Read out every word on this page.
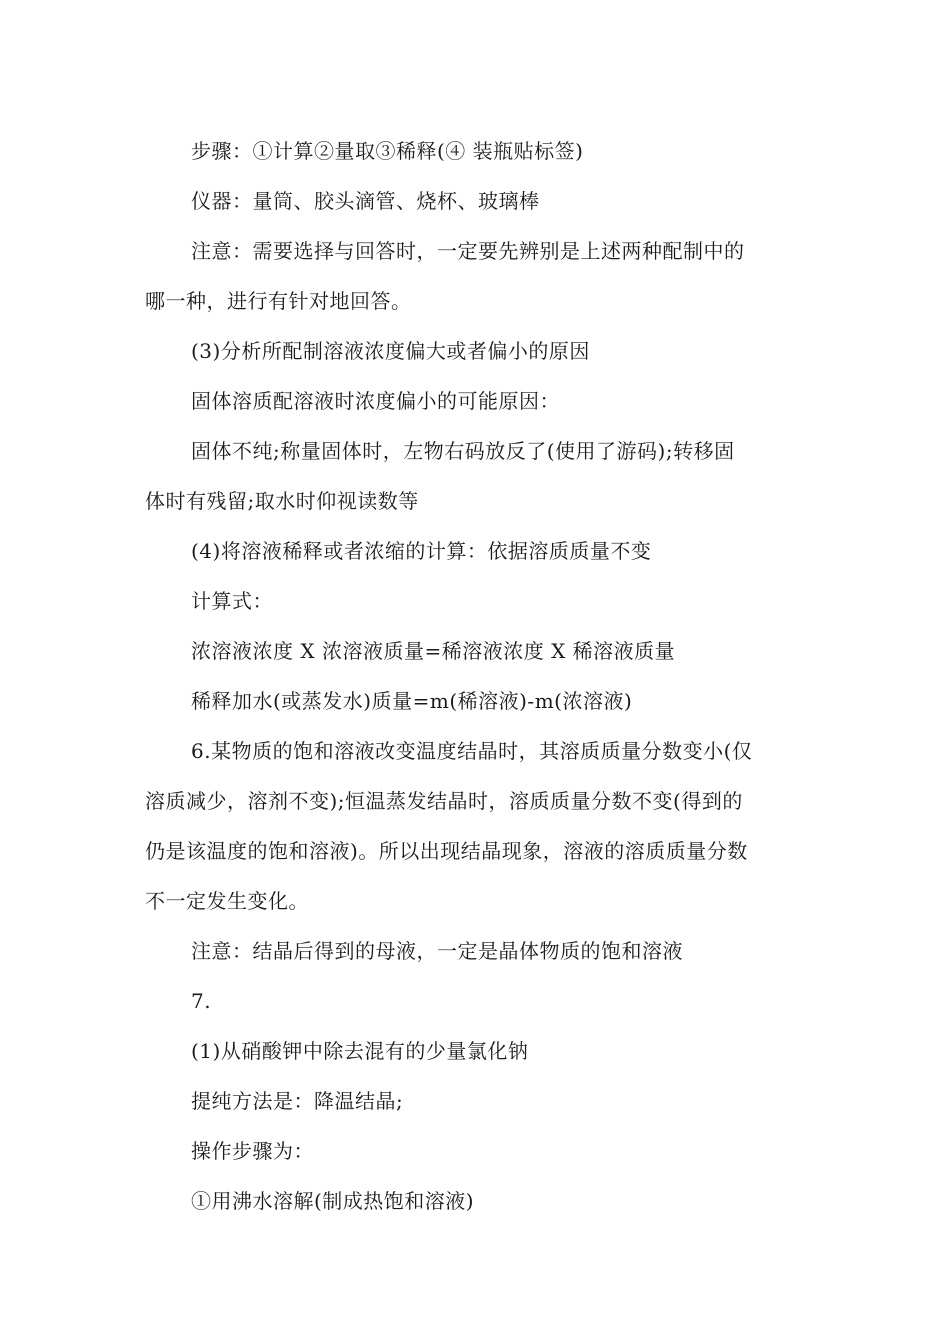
步骤：①计算②量取③稀释(④ 装瓶贴标签)
仪器：量筒、胶头滴管、烧杯、玻璃棒
注意：需要选择与回答时，一定要先辨别是上述两种配制中的
哪一种，进行有针对地回答。
(3)分析所配制溶液浓度偏大或者偏小的原因
固体溶质配溶液时浓度偏小的可能原因：
固体不纯;称量固体时，左物右码放反了(使用了游码);转移固
体时有残留;取水时仰视读数等
(4)将溶液稀释或者浓缩的计算：依据溶质质量不变
计算式：
浓溶液浓度 X 浓溶液质量=稀溶液浓度 X 稀溶液质量
稀释加水(或蒸发水)质量=m(稀溶液)-m(浓溶液)
6.某物质的饱和溶液改变温度结晶时，其溶质质量分数变小(仅
溶质减少，溶剂不变);恒温蒸发结晶时，溶质质量分数不变(得到的
仍是该温度的饱和溶液)。所以出现结晶现象，溶液的溶质质量分数
不一定发生变化。
注意：结晶后得到的母液，一定是晶体物质的饱和溶液
7.
(1)从硝酸钾中除去混有的少量氯化钠
提纯方法是：降温结晶;
操作步骤为：
①用沸水溶解(制成热饱和溶液)
